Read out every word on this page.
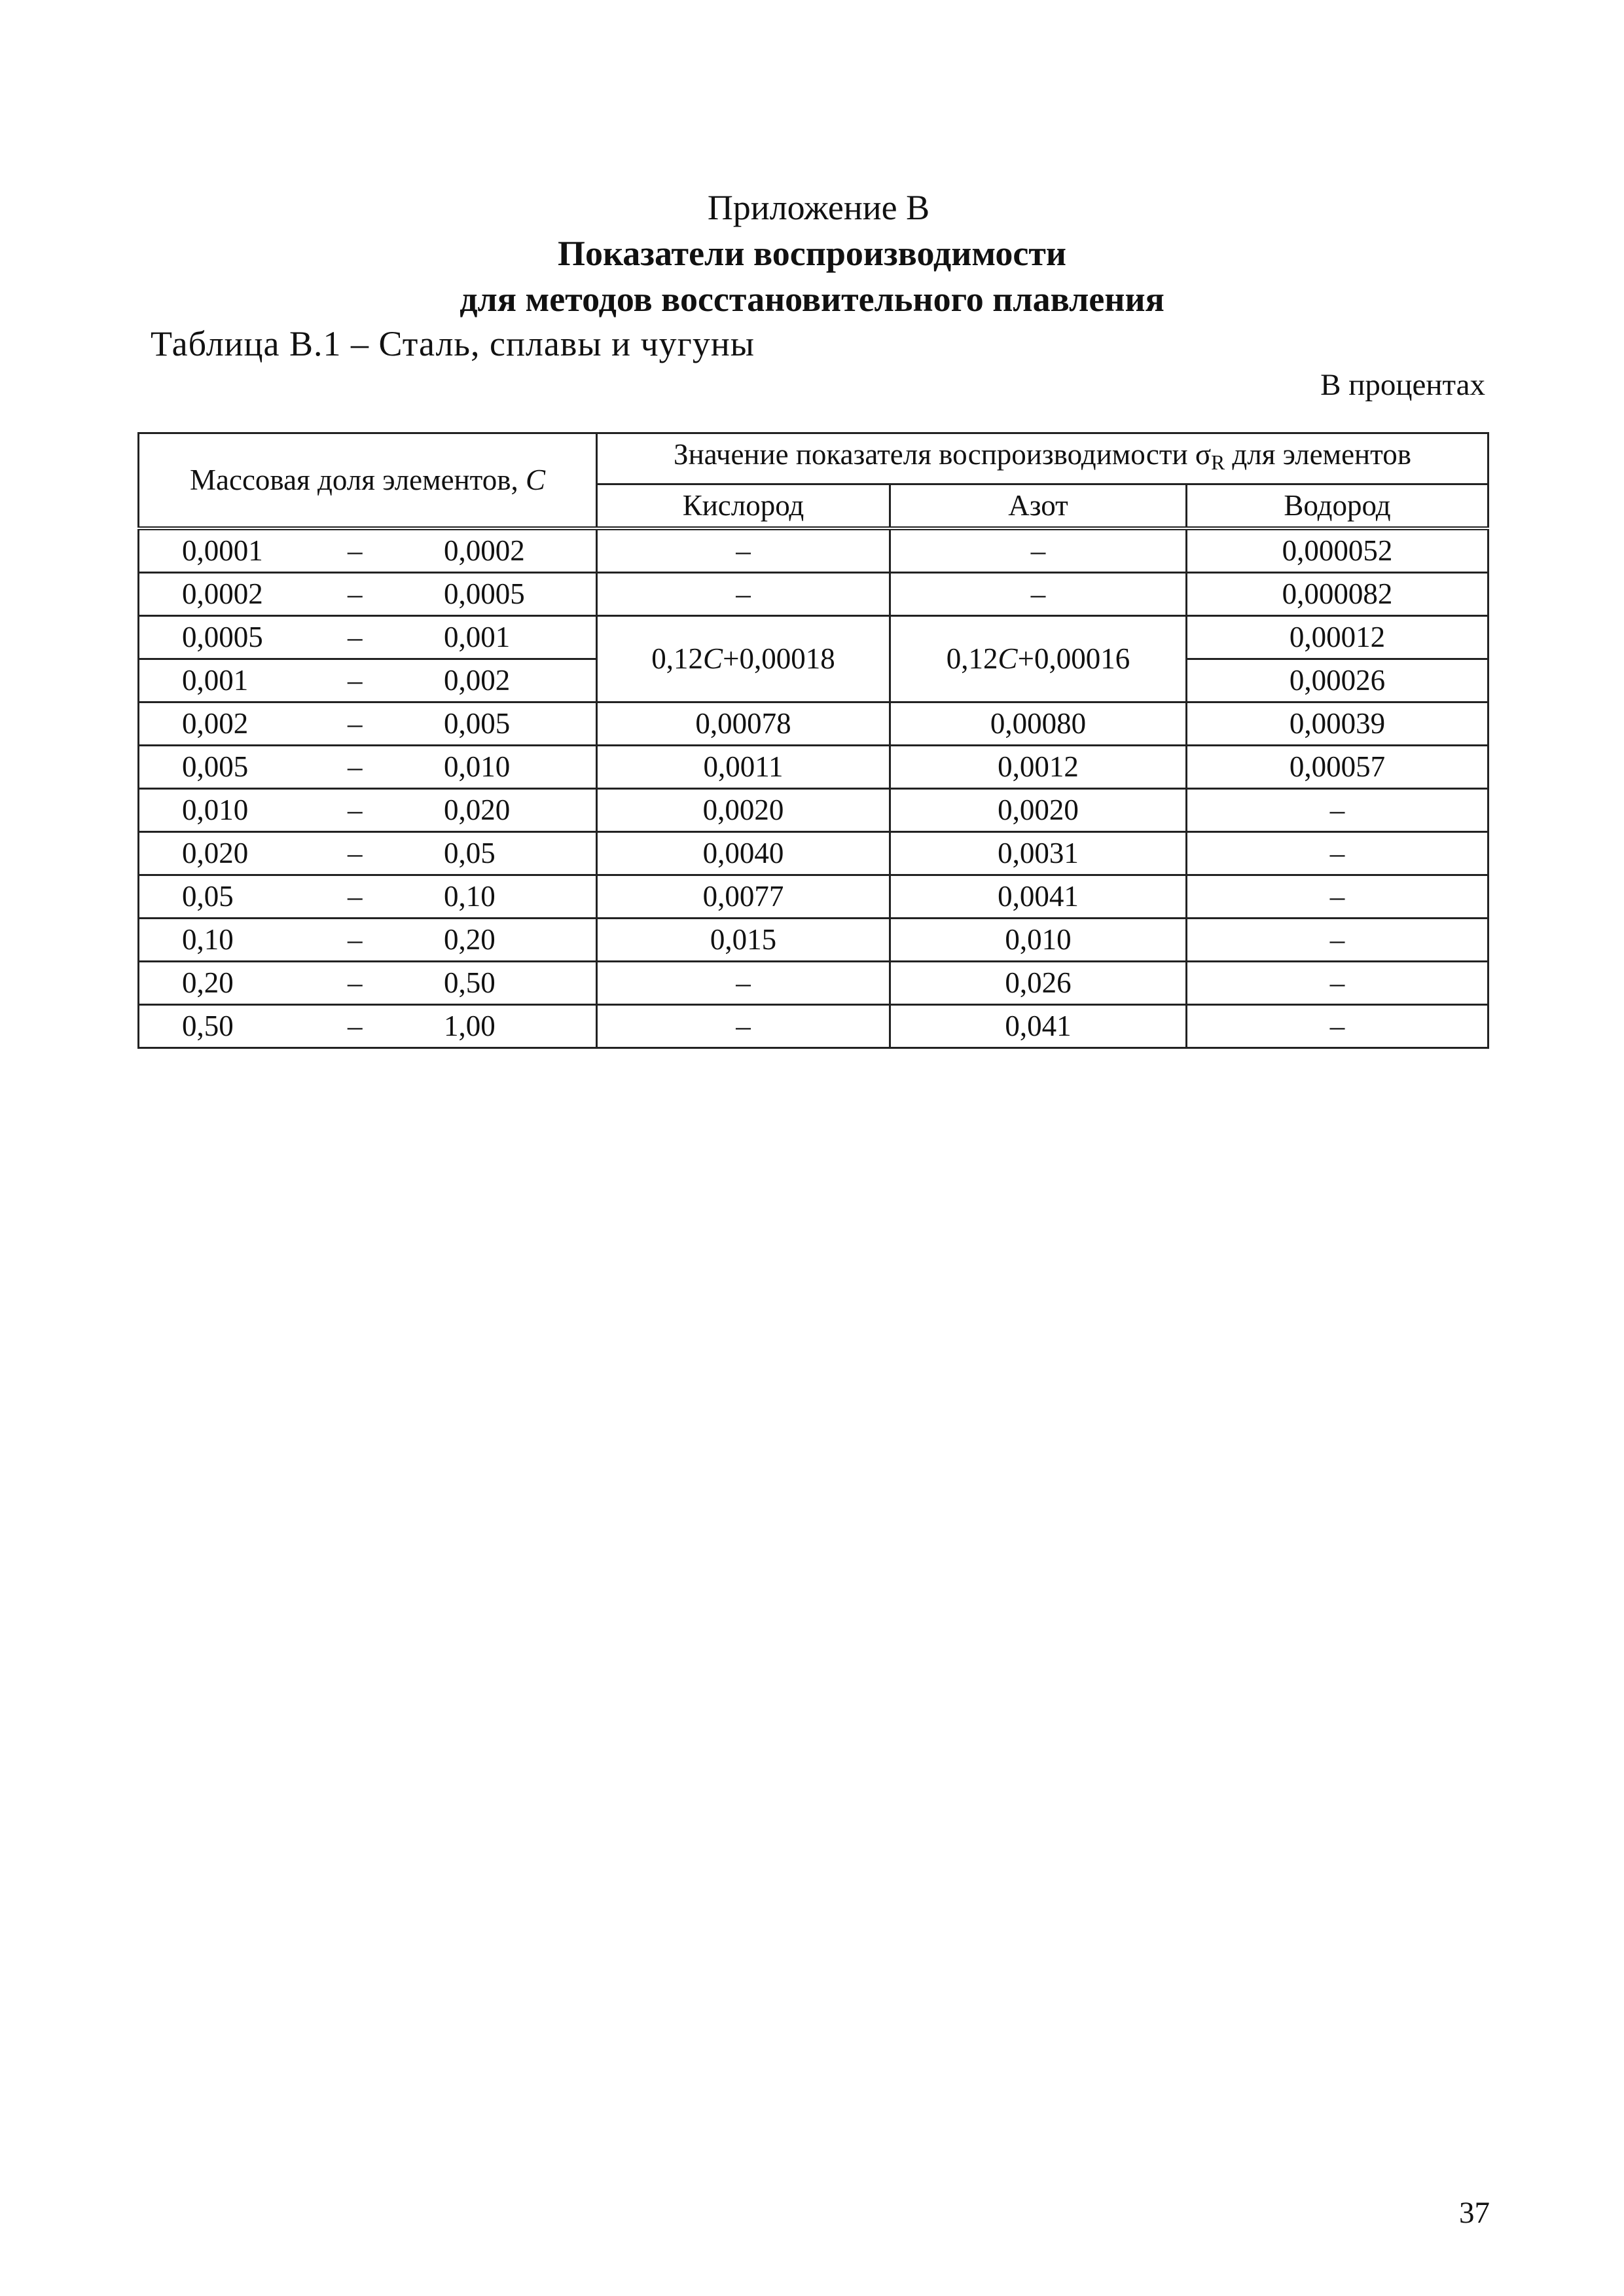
Приложение В
Показатели воспроизводимости
для методов восстановительного плавления
Таблица В.1 – Сталь, сплавы и чугуны
В процентах
Массовая доля элементов, C	Значение показателя воспроизводимости $\sigma_R$ для элементов		
	Кислород	Азот	Водород

0,0001 – 0,0002	–	–	0,000052

0,0002 – 0,0005	–	–	0,000082

0,0005 – 0,001	0,12C+0,00018	0,12C+0,00016	0,00012

0,001 – 0,002			0,00026

0,002 – 0,005	0,00078	0,00080	0,00039

0,005 – 0,010	0,0011	0,0012	0,00057

0,010 – 0,020	0,0020	0,0020	–

0,020 – 0,05	0,0040	0,0031	–

0,05 – 0,10	0,0077	0,0041	–

0,10 – 0,20	0,015	0,010	–

0,20 – 0,50	–	0,026	–

0,50 – 1,00	–	0,041	–
37
